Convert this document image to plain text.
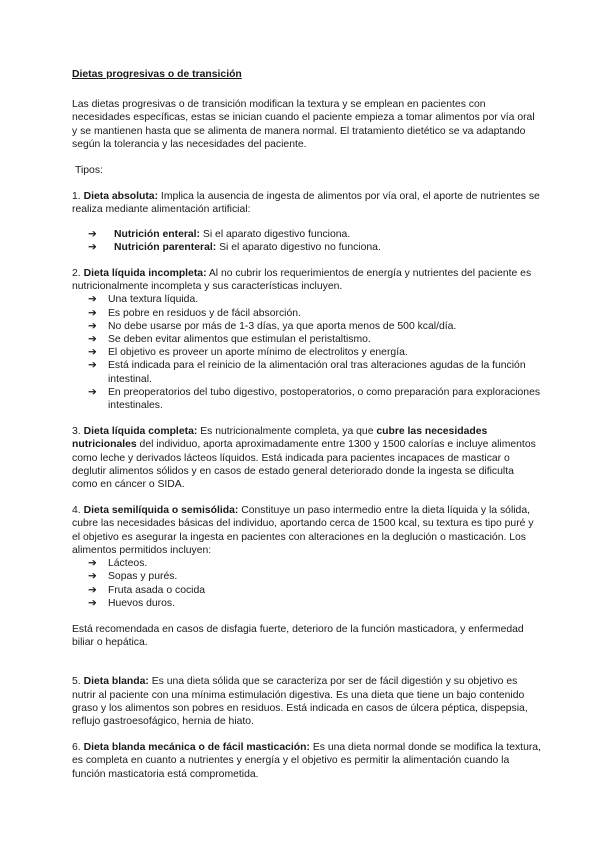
Dietas progresivas o de transición

Las dietas progresivas o de transición modifican la textura y se emplean en pacientes con necesidades específicas, estas se inician cuando el paciente empieza a tomar alimentos por vía oral y se mantienen hasta que se alimenta de manera normal. El tratamiento dietético se va adaptando según la tolerancia y las necesidades del paciente.

Tipos:

1. Dieta absoluta: Implica la ausencia de ingesta de alimentos por vía oral, el aporte de nutrientes se realiza mediante alimentación artificial:

➔ Nutrición enteral: Si el aparato digestivo funciona.
➔ Nutrición parenteral: Si el aparato digestivo no funciona.

2. Dieta líquida incompleta: Al no cubrir los requerimientos de energía y nutrientes del paciente es nutricionalmente incompleta y sus características incluyen.

➔ Una textura líquida.
➔ Es pobre en residuos y de fácil absorción.
➔ No debe usarse por más de 1-3 días, ya que aporta menos de 500 kcal/día.
➔ Se deben evitar alimentos que estimulan el peristaltismo.
➔ El objetivo es proveer un aporte mínimo de electrolitos y energía.
➔ Está indicada para el reinicio de la alimentación oral tras alteraciones agudas de la función intestinal.
➔ En preoperatorios del tubo digestivo, postoperatorios, o como preparación para exploraciones intestinales.

3. Dieta líquida completa: Es nutricionalmente completa, ya que cubre las necesidades nutricionales del individuo, aporta aproximadamente entre 1300 y 1500 calorías e incluye alimentos como leche y derivados lácteos líquidos. Está indicada para pacientes incapaces de masticar o deglutir alimentos sólidos y en casos de estado general deteriorado donde la ingesta se dificulta como en cáncer o SIDA.

4. Dieta semilíquida o semisólida: Constituye un paso intermedio entre la dieta líquida y la sólida, cubre las necesidades básicas del individuo, aportando cerca de 1500 kcal, su textura es tipo puré y el objetivo es asegurar la ingesta en pacientes con alteraciones en la deglución o masticación. Los alimentos permitidos incluyen:

➔ Lácteos.
➔ Sopas y purés.
➔ Fruta asada o cocida
➔ Huevos duros.

Está recomendada en casos de disfagia fuerte, deterioro de la función masticadora, y enfermedad biliar o hepática.

5. Dieta blanda: Es una dieta sólida que se caracteriza por ser de fácil digestión y su objetivo es nutrir al paciente con una mínima estimulación digestiva. Es una dieta que tiene un bajo contenido graso y los alimentos son pobres en residuos. Está indicada en casos de úlcera péptica, dispepsia, reflujo gastroesofágico, hernia de hiato.

6. Dieta blanda mecánica o de fácil masticación: Es una dieta normal donde se modifica la textura, es completa en cuanto a nutrientes y energía y el objetivo es permitir la alimentación cuando la función masticatoria está comprometida.
